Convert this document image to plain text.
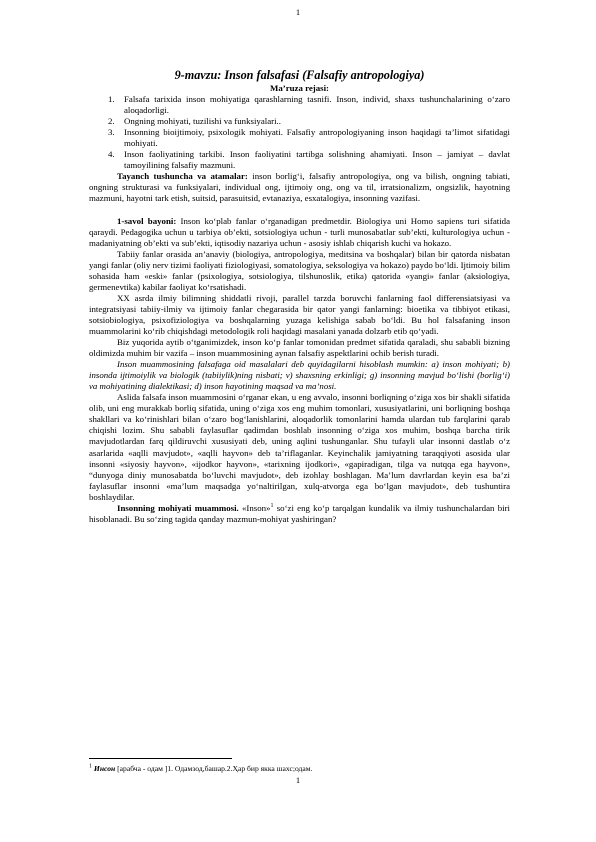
1
9-mavzu: Inson falsafasi (Falsafiy antropologiya)
Ma’ruza rejasi:
1. Falsafa tarixida inson mohiyatiga qarashlarning tasnifi. Inson, individ, shaxs tushunchalarining o‘zaro aloqadorligi.
2. Ongning mohiyati, tuzilishi va funksiyalari..
3. Insonning bioijtimoiy, psixologik mohiyati. Falsafiy antropologiyaning inson haqidagi ta’limot sifatidagi mohiyati.
4. Inson faoliyatining tarkibi. Inson faoliyatini tartibga solishning ahamiyati. Inson – jamiyat – davlat tamoyilining falsafiy mazmuni.

Tayanch tushuncha va atamalar: inson borlig‘i, falsafiy antropologiya, ong va bilish, ongning tabiati, ongning strukturasi va funksiyalari, individual ong, ijtimoiy ong, ong va til, irratsionalizm, ongsizlik, hayotning mazmuni, hayotni tark etish, suitsid, parasuitsid, evtanaziya, esxatalogiya, insonning vazifasi.

1-savol bayoni: Inson ko‘plab fanlar o‘rganadigan predmetdir. Biologiya uni Homo sapiens turi sifatida qaraydi. Pedagogika uchun u tarbiya ob’ekti, sotsiologiya uchun - turli munosabatlar sub’ekti, kulturologiya uchun - madaniyatning ob’ekti va sub’ekti, iqtisodiy nazariya uchun - asosiy ishlab chiqarish kuchi va hokazo.

Tabiiy fanlar orasida an’anaviy (biologiya, antropologiya, meditsina va boshqalar) bilan bir qatorda nisbatan yangi fanlar (oliy nerv tizimi faoliyati fiziologiyasi, somatologiya, seksologiya va hokazo) paydo bo‘ldi. Ijtimoiy bilim sohasida ham «eski» fanlar (psixologiya, sotsiologiya, tilshunoslik, etika) qatorida «yangi» fanlar (aksiologiya, germenevtika) kabilar faoliyat ko‘rsatishadi.

XX asrda ilmiy bilimning shiddatli rivoji, parallel tarzda boruvchi fanlarning faol differensiatsiyasi va integratsiyasi tabiiy-ilmiy va ijtimoiy fanlar chegarasida bir qator yangi fanlarning: bioetika va tibbiyot etikasi, sotsiobiologiya, psixofiziologiya va boshqalarning yuzaga kelishiga sabab bo‘ldi. Bu hol falsafaning inson muammolarini ko‘rib chiqishdagi metodologik roli haqidagi masalani yanada dolzarb etib qo‘yadi.

Biz yuqorida aytib o‘tganimizdek, inson ko‘p fanlar tomonidan predmet sifatida qaraladi, shu sababli bizning oldimizda muhim bir vazifa – inson muammosining aynan falsafiy aspektlarini ochib berish turadi.

Inson muammosining falsafaga oid masalalari deb quyidagilarni hisoblash mumkin: a) inson mohiyati; b) insonda ijtimoiylik va biologik (tabiiylik)ning nisbati; v) shaxsning erkinligi; g) insonning mavjud bo‘lishi (borlig‘i) va mohiyatining dialektikasi; d) inson hayotining maqsad va ma’nosi.

Aslida falsafa inson muammosini o‘rganar ekan, u eng avvalo, insonni borliqning o‘ziga xos bir shakli sifatida olib, uni eng murakkab borliq sifatida, uning o‘ziga xos eng muhim tomonlari, xususiyatlarini, uni borliqning boshqa shakllari va ko‘rinishlari bilan o‘zaro bog‘lanishlarini, aloqadorlik tomonlarini hamda ulardan tub farqlarini qarab chiqishi lozim. Shu sababli faylasuflar qadimdan boshlab insonning o‘ziga xos muhim, boshqa barcha tirik mavjudotlardan farq qildiruvchi xususiyati deb, uning aqlini tushunganlar. Shu tufayli ular insonni dastlab o‘z asarlarida «aqlli mavjudot», «aqlli hayvon» deb ta’riflaganlar. Keyinchalik jamiyatning taraqqiyoti asosida ular insonni «siyosiy hayvon», «ijodkor hayvon», «tarixning ijodkori», «gapiradigan, tilga va nutqqa ega hayvon», “dunyoga diniy munosabatda bo‘luvchi mavjudot», deb izohlay boshlagan. Ma’lum davrlardan keyin esa ba’zi faylasuflar insonni «ma’lum maqsadga yo‘naltirilgan, xulq-atvorga ega bo‘lgan mavjudot», deb tushuntira boshlaydilar.

Insonning mohiyati muammosi. «Inson»$^1$ so‘zi eng ko‘p tarqalgan kundalik va ilmiy tushunchalardan biri hisoblanadi. Bu so‘zing tagida qanday mazmun-mohiyat yashiringan?

$^1$ Инсон [арабча - одам ]1. Одамзод,башар.2.Ҳар бир якка шахс;одам.
1
